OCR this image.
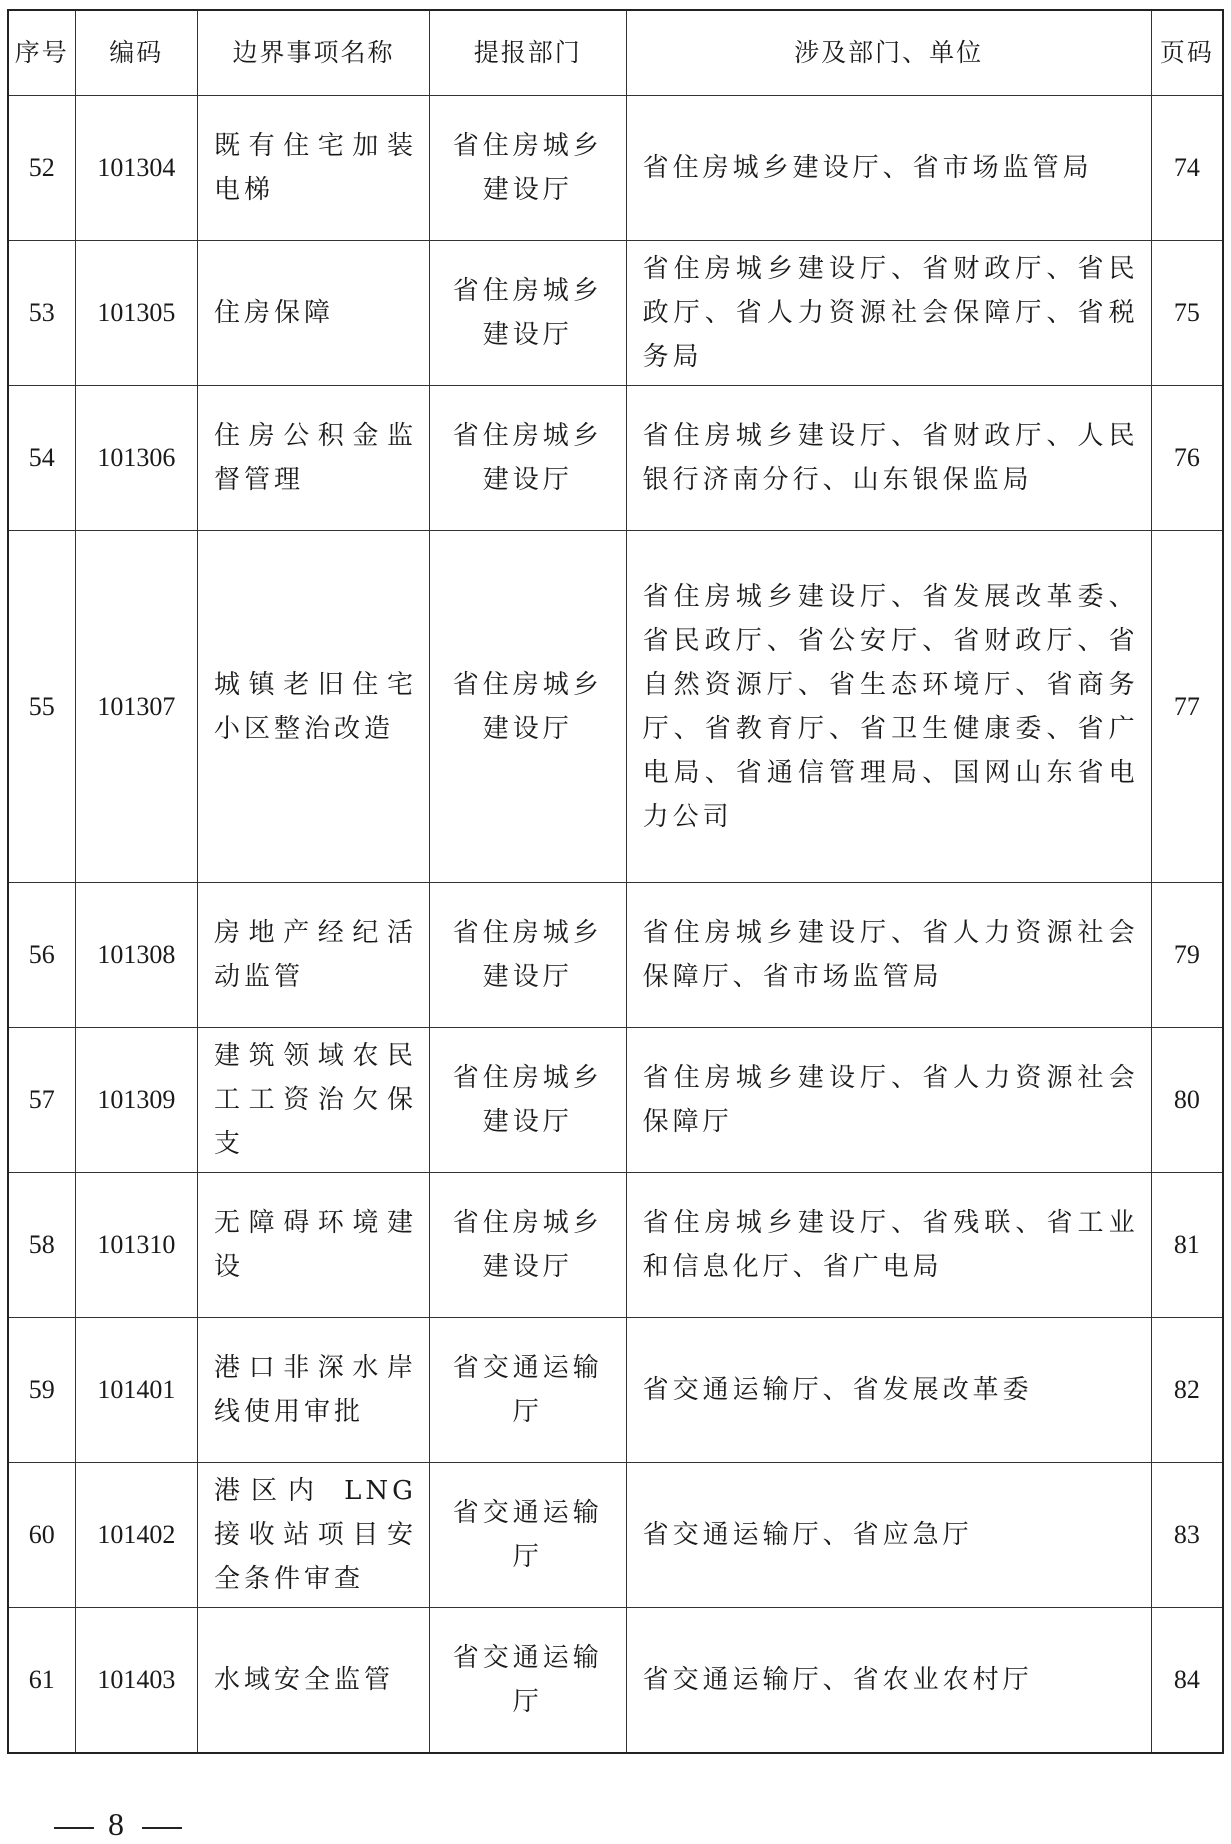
序号	编码	边界事项名称	提报部门	涉及部门、单位	页码
52	101304	既有住宅加装电梯	省住房城乡建设厅	省住房城乡建设厅、省市场监管局	74
53	101305	住房保障	省住房城乡建设厅	省住房城乡建设厅、省财政厅、省民政厅、省人力资源社会保障厅、省税务局	75
54	101306	住房公积金监督管理	省住房城乡建设厅	省住房城乡建设厅、省财政厅、人民银行济南分行、山东银保监局	76
55	101307	城镇老旧住宅小区整治改造	省住房城乡建设厅	省住房城乡建设厅、省发展改革委、省民政厅、省公安厅、省财政厅、省自然资源厅、省生态环境厅、省商务厅、省教育厅、省卫生健康委、省广电局、省通信管理局、国网山东省电力公司	77
56	101308	房地产经纪活动监管	省住房城乡建设厅	省住房城乡建设厅、省人力资源社会保障厅、省市场监管局	79
57	101309	建筑领域农民工工资治欠保支	省住房城乡建设厅	省住房城乡建设厅、省人力资源社会保障厅	80
58	101310	无障碍环境建设	省住房城乡建设厅	省住房城乡建设厅、省残联、省工业和信息化厅、省广电局	81
59	101401	港口非深水岸线使用审批	省交通运输厅	省交通运输厅、省发展改革委	82
60	101402	港区内 LNG 接收站项目安全条件审查	省交通运输厅	省交通运输厅、省应急厅	83
61	101403	水域安全监管	省交通运输厅	省交通运输厅、省农业农村厅	84
8
